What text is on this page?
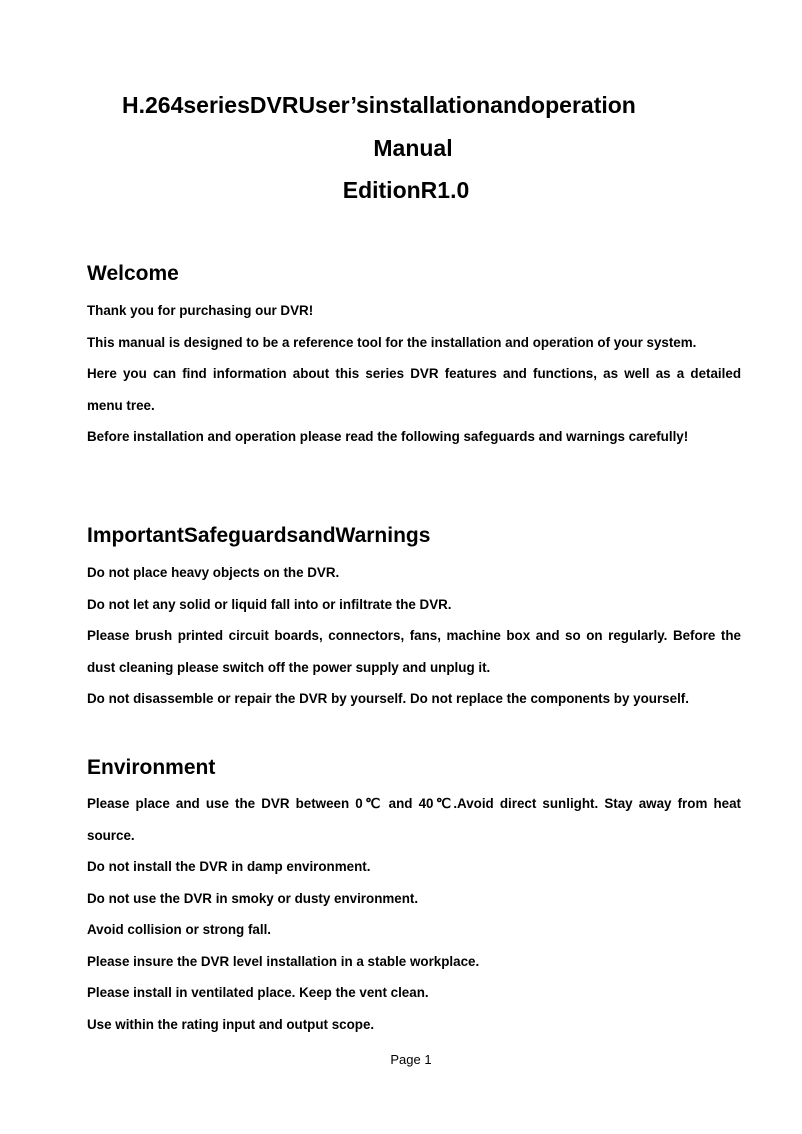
H.264seriesDVRUser’sinstallationandoperation
Manual
EditionR1.0
Welcome

Thank you for purchasing our DVR!

This manual is designed to be a reference tool for the installation and operation of your system.

Here you can find information about this series DVR features and functions, as well as a detailed menu tree.

Before installation and operation please read the following safeguards and warnings carefully!

ImportantSafeguardsandWarnings

Do not place heavy objects on the DVR.

Do not let any solid or liquid fall into or infiltrate the DVR.

Please brush printed circuit boards, connectors, fans, machine box and so on regularly. Before the dust cleaning please switch off the power supply and unplug it.

Do not disassemble or repair the DVR by yourself. Do not replace the components by yourself.

Environment

Please place and use the DVR between 0℃ and 40℃.Avoid direct sunlight. Stay away from heat source.

Do not install the DVR in damp environment.

Do not use the DVR in smoky or dusty environment.

Avoid collision or strong fall.

Please insure the DVR level installation in a stable workplace.

Please install in ventilated place. Keep the vent clean.

Use within the rating input and output scope.

Page 1
